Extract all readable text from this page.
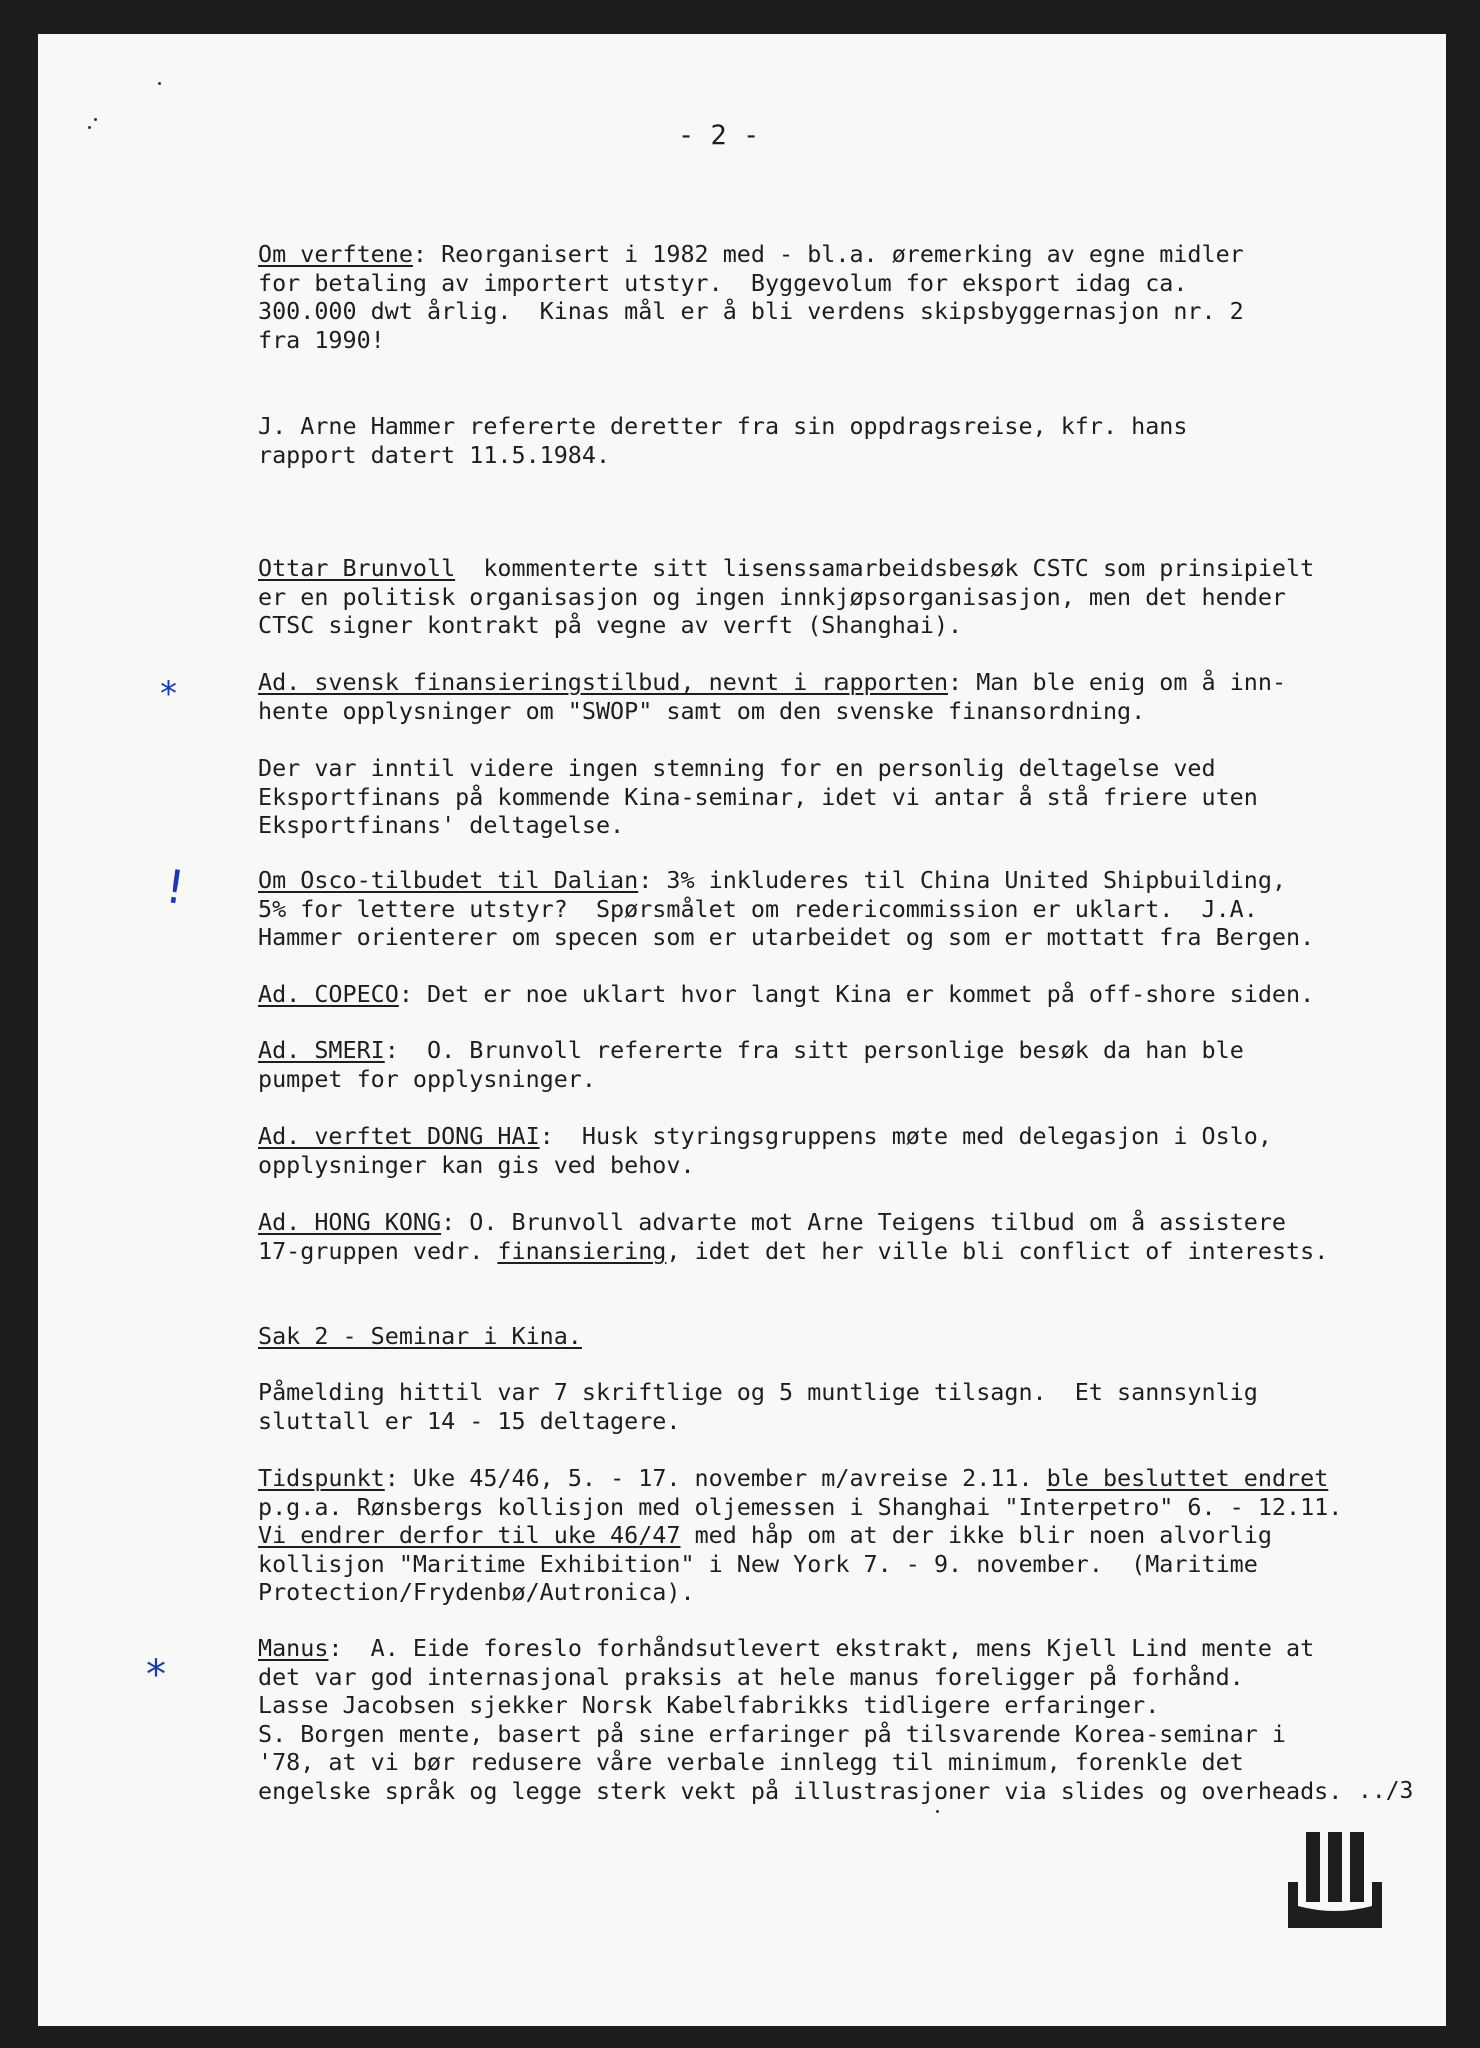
- 2 -
Om verftene: Reorganisert i 1982 med - bl.a. øremerking av egne midler
for betaling av importert utstyr.  Byggevolum for eksport idag ca.
300.000 dwt årlig.  Kinas mål er å bli verdens skipsbyggernasjon nr. 2
fra 1990!
J. Arne Hammer refererte deretter fra sin oppdragsreise, kfr. hans
rapport datert 11.5.1984.
Ottar Brunvoll  kommenterte sitt lisenssamarbeidsbesøk CSTC som prinsipielt
er en politisk organisasjon og ingen innkjøpsorganisasjon, men det hender
CTSC signer kontrakt på vegne av verft (Shanghai).
Ad. svensk finansieringstilbud, nevnt i rapporten: Man ble enig om å inn-
hente opplysninger om "SWOP" samt om den svenske finansordning.
Der var inntil videre ingen stemning for en personlig deltagelse ved
Eksportfinans på kommende Kina-seminar, idet vi antar å stå friere uten
Eksportfinans' deltagelse.
Om Osco-tilbudet til Dalian: 3% inkluderes til China United Shipbuilding,
5% for lettere utstyr?  Spørsmålet om redericommission er uklart.  J.A.
Hammer orienterer om specen som er utarbeidet og som er mottatt fra Bergen.
Ad. COPECO: Det er noe uklart hvor langt Kina er kommet på off-shore siden.
Ad. SMERI:  O. Brunvoll refererte fra sitt personlige besøk da han ble
pumpet for opplysninger.
Ad. verftet DONG HAI:  Husk styringsgruppens møte med delegasjon i Oslo,
opplysninger kan gis ved behov.
Ad. HONG KONG: O. Brunvoll advarte mot Arne Teigens tilbud om å assistere
17-gruppen vedr. finansiering, idet det her ville bli conflict of interests.
Sak 2 - Seminar i Kina.
Påmelding hittil var 7 skriftlige og 5 muntlige tilsagn.  Et sannsynlig
sluttall er 14 - 15 deltagere.
Tidspunkt: Uke 45/46, 5. - 17. november m/avreise 2.11. ble besluttet endret
p.g.a. Rønsbergs kollisjon med oljemessen i Shanghai "Interpetro" 6. - 12.11.
Vi endrer derfor til uke 46/47 med håp om at der ikke blir noen alvorlig
kollisjon "Maritime Exhibition" i New York 7. - 9. november.  (Maritime
Protection/Frydenbø/Autronica).
Manus:  A. Eide foreslo forhåndsutlevert ekstrakt, mens Kjell Lind mente at
det var god internasjonal praksis at hele manus foreligger på forhånd.
Lasse Jacobsen sjekker Norsk Kabelfabrikks tidligere erfaringer.
S. Borgen mente, basert på sine erfaringer på tilsvarende Korea-seminar i
'78, at vi bør redusere våre verbale innlegg til minimum, forenkle det
engelske språk og legge sterk vekt på illustrasjoner via slides og overheads.
*
!
*
../3
